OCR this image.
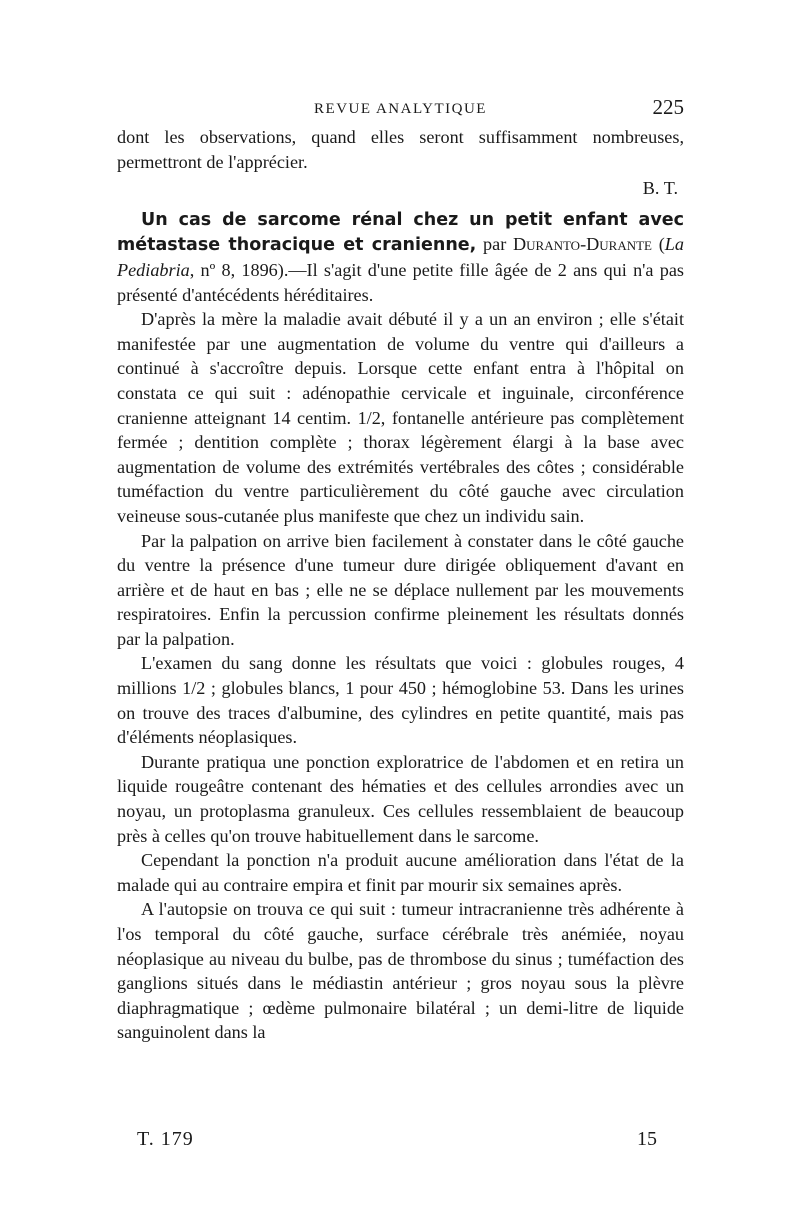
REVUE ANALYTIQUE	225

dont les observations, quand elles seront suffisamment nombreuses, permettront de l'apprécier.

B. T.

Un cas de sarcome rénal chez un petit enfant avec métastase thoracique et cranienne, par Duranto-Durante (La Pediabria, nº 8, 1896).—Il s'agit d'une petite fille âgée de 2 ans qui n'a pas présenté d'antécédents héréditaires.

D'après la mère la maladie avait débuté il y a un an environ ; elle s'était manifestée par une augmentation de volume du ventre qui d'ailleurs a continué à s'accroître depuis. Lorsque cette enfant entra à l'hôpital on constata ce qui suit : adénopathie cervicale et inguinale, circonférence cranienne atteignant 14 centim. 1/2, fontanelle antérieure pas complètement fermée ; dentition complète ; thorax légèrement élargi à la base avec augmentation de volume des extrémités vertébrales des côtes ; considérable tuméfaction du ventre particulièrement du côté gauche avec circulation veineuse sous-cutanée plus manifeste que chez un individu sain.

Par la palpation on arrive bien facilement à constater dans le côté gauche du ventre la présence d'une tumeur dure dirigée obliquement d'avant en arrière et de haut en bas ; elle ne se déplace nullement par les mouvements respiratoires. Enfin la percussion confirme pleinement les résultats donnés par la palpation.

L'examen du sang donne les résultats que voici : globules rouges, 4 millions 1/2 ; globules blancs, 1 pour 450 ; hémoglobine 53. Dans les urines on trouve des traces d'albumine, des cylindres en petite quantité, mais pas d'éléments néoplasiques.

Durante pratiqua une ponction exploratrice de l'abdomen et en retira un liquide rougeâtre contenant des hématies et des cellules arrondies avec un noyau, un protoplasma granuleux. Ces cellules ressemblaient de beaucoup près à celles qu'on trouve habituellement dans le sarcome.

Cependant la ponction n'a produit aucune amélioration dans l'état de la malade qui au contraire empira et finit par mourir six semaines après.

A l'autopsie on trouva ce qui suit : tumeur intracranienne très adhérente à l'os temporal du côté gauche, surface cérébrale très anémiée, noyau néoplasique au niveau du bulbe, pas de thrombose du sinus ; tuméfaction des ganglions situés dans le médiastin antérieur ; gros noyau sous la plèvre diaphragmatique ; œdème pulmonaire bilatéral ; un demi-litre de liquide sanguinolent dans la

T. 179	15
